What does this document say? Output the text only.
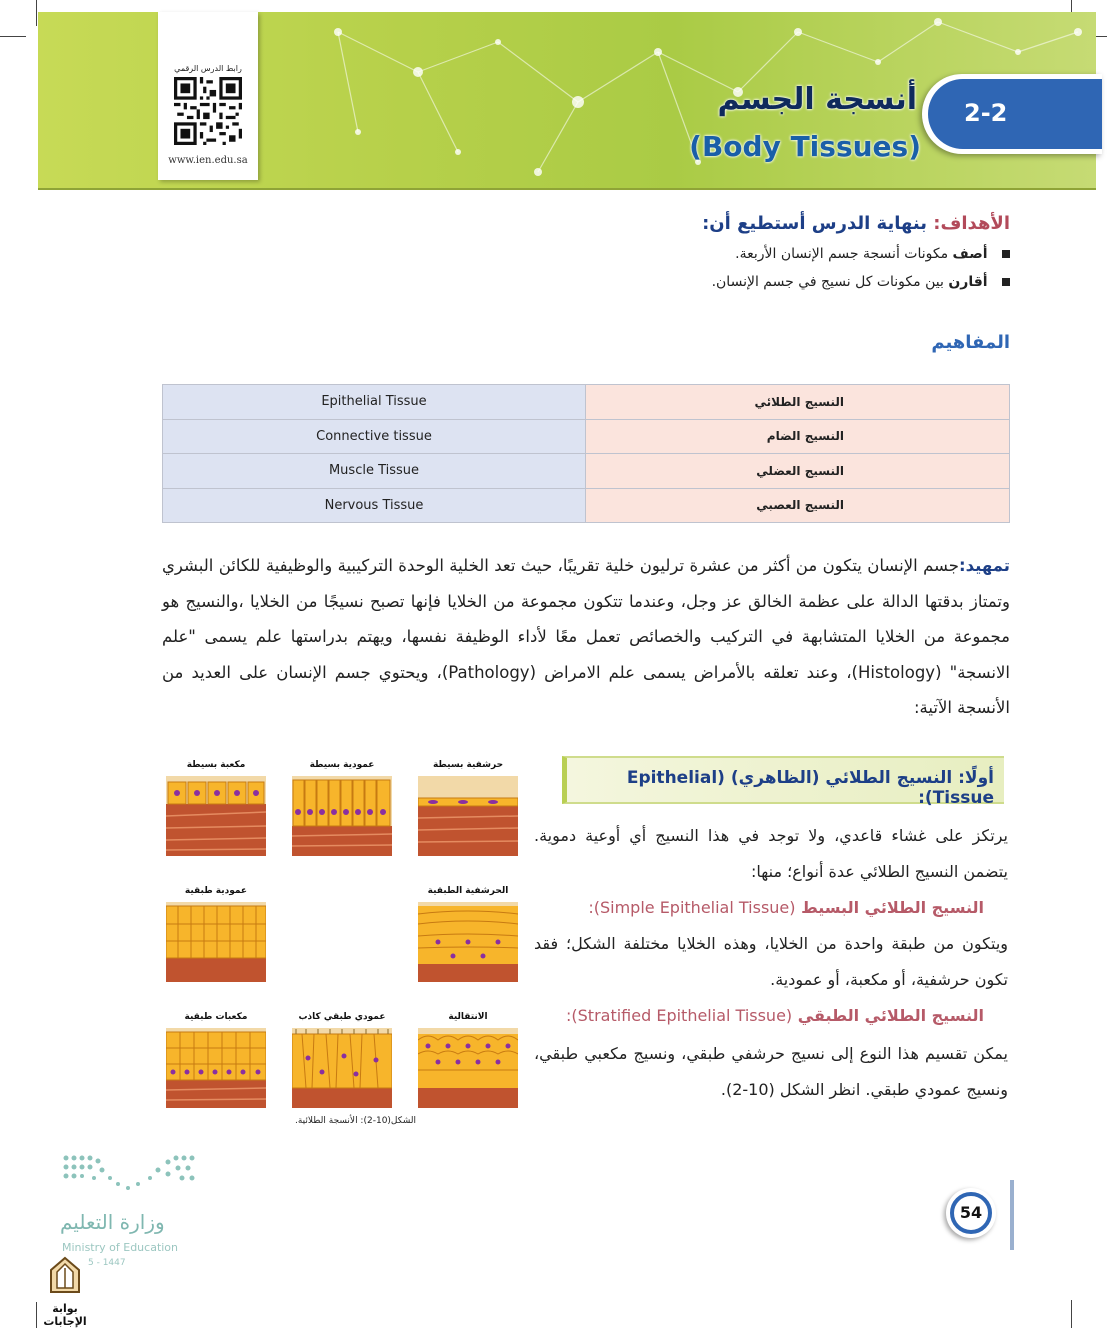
رابط الدرس الرقمي
www.ien.edu.sa
أنسجة الجسم
(Body Tissues)
2-2
الأهداف: بنهاية الدرس أستطيع أن:
أصف مكونات أنسجة جسم الإنسان الأربعة.
أقارن بين مكونات كل نسيج في جسم الإنسان.
المفاهيم
Epithelial Tissue	النسيج الطلائي
Connective tissue	النسيج الضام
Muscle Tissue	النسيج العضلي
Nervous Tissue	النسيج العصبي
تمهيد:جسم الإنسان يتكون من أكثر من عشرة ترليون خلية تقريبًا، حيث تعد الخلية الوحدة التركيبية والوظيفية للكائن البشري وتمتاز بدقتها الدالة على عظمة الخالق عز وجل، وعندما تتكون مجموعة من الخلايا فإنها تصبح نسيجًا من الخلايا ،والنسيج هو مجموعة من الخلايا المتشابهة في التركيب والخصائص تعمل معًا لأداء الوظيفة نفسها، ويهتم بدراستها علم يسمى "علم الانسجة" (Histology)، وعند تعلقه بالأمراض يسمى علم الامراض (Pathology)، ويحتوي جسم الإنسان على العديد من الأنسجة الآتية:
أولًا: النسيج الطلائي (الظاهري) (Epithelial Tissue):
يرتكز على غشاء قاعدي، ولا توجد في هذا النسيج أي أوعية دموية. يتضمن النسيج الطلائي عدة أنواع؛ منها:
النسيج الطلائي البسيط (Simple Epithelial Tissue):
ويتكون من طبقة واحدة من الخلايا، وهذه الخلايا مختلفة الشكل؛ فقد تكون حرشفية، أو مكعبة، أو عمودية.
النسيج الطلائي الطبقي (Stratified Epithelial Tissue):
يمكن تقسيم هذا النوع إلى نسيج حرشفي طبقي، ونسيج مكعبي طبقي، ونسيج عمودي طبقي. انظر الشكل (10-2).
مكعبة بسيطة	عمودية بسيطة	حرشفية بسيطة
عمودية طبقية	الحرشفية الطبقية
مكعبات طبقية	عمودي طبقي كاذب	الانتقالية
الشكل(10-2): الأنسجة الطلائية.
وزارة التعليم
Ministry of Education
5 - 1447
54
بوابة الإجابات
